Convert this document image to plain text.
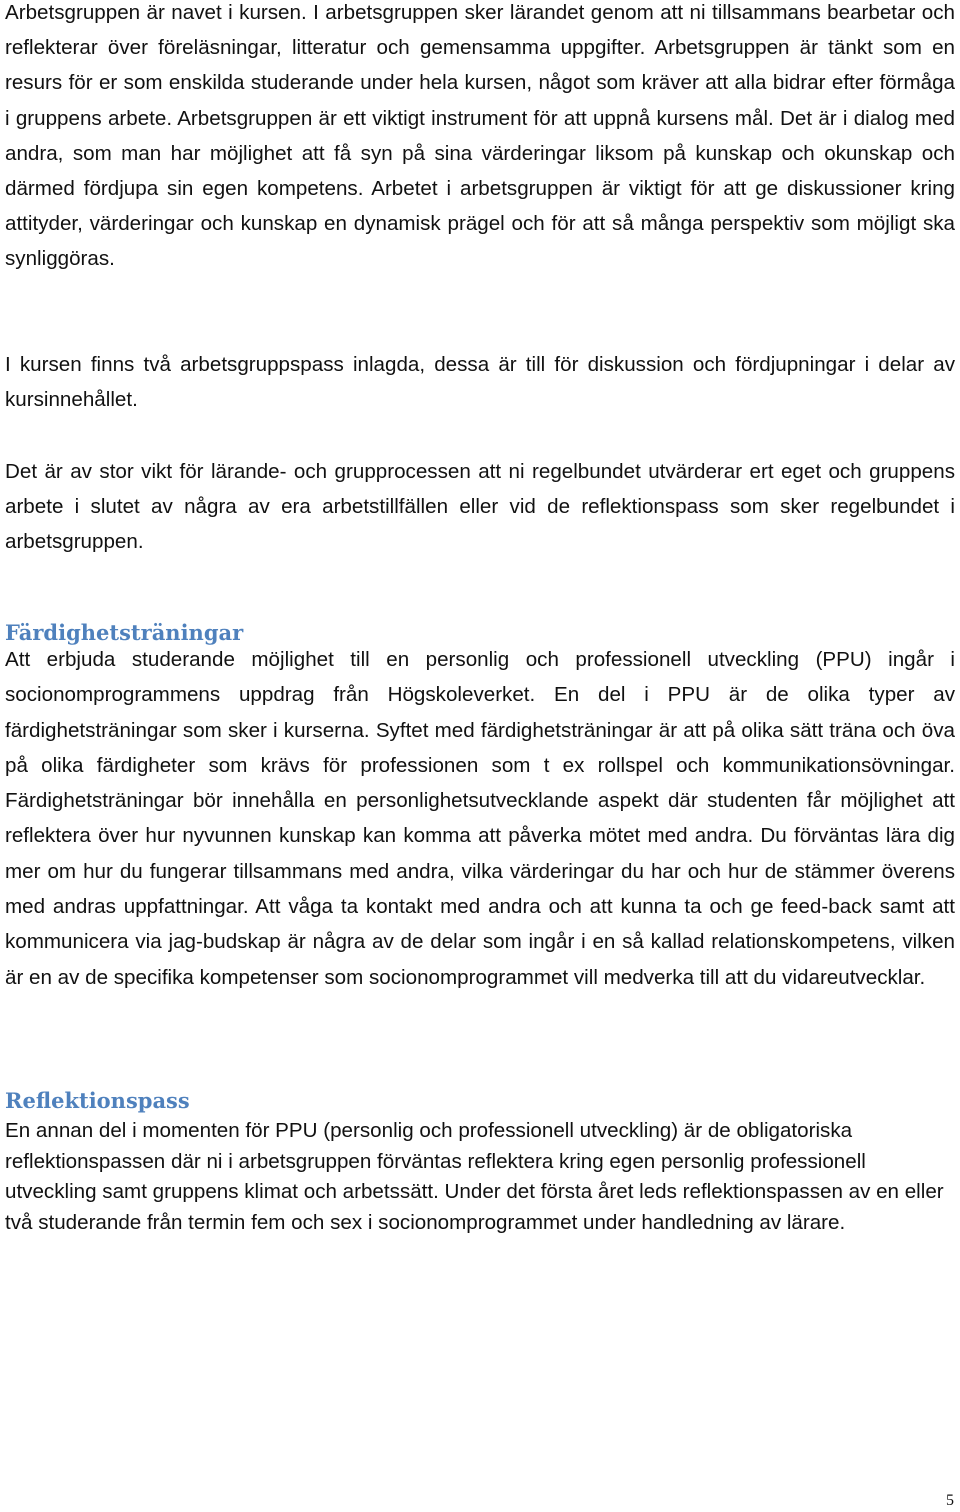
Arbetsgruppen är navet i kursen. I arbetsgruppen sker lärandet genom att ni tillsammans bearbetar och reflekterar över föreläsningar, litteratur och gemensamma uppgifter. Arbetsgruppen är tänkt som en resurs för er som enskilda studerande under hela kursen, något som kräver att alla bidrar efter förmåga i gruppens arbete. Arbetsgruppen är ett viktigt instrument för att uppnå kursens mål. Det är i dialog med andra, som man har möjlighet att få syn på sina värderingar liksom på kunskap och okunskap och därmed fördjupa sin egen kompetens. Arbetet i arbetsgruppen är viktigt för att ge diskussioner kring attityder, värderingar och kunskap en dynamisk prägel och för att så många perspektiv som möjligt ska synliggöras.

I kursen finns två arbetsgruppspass inlagda, dessa är till för diskussion och fördjupningar i delar av kursinnehållet.

Det är av stor vikt för lärande- och grupprocessen att ni regelbundet utvärderar ert eget och gruppens arbete i slutet av några av era arbetstillfällen eller vid de reflektionspass som sker regelbundet i arbetsgruppen.

Färdighetsträningar

Att erbjuda studerande möjlighet till en personlig och professionell utveckling (PPU) ingår i socionomprogrammens uppdrag från Högskoleverket. En del i PPU är de olika typer av färdighetsträningar som sker i kurserna. Syftet med färdighetsträningar är att på olika sätt träna och öva på olika färdigheter som krävs för professionen som t ex rollspel och kommunikationsövningar. Färdighetsträningar bör innehålla en personlighetsutvecklande aspekt där studenten får möjlighet att reflektera över hur nyvunnen kunskap kan komma att påverka mötet med andra. Du förväntas lära dig mer om hur du fungerar tillsammans med andra, vilka värderingar du har och hur de stämmer överens med andras uppfattningar. Att våga ta kontakt med andra och att kunna ta och ge feed-back samt att kommunicera via jag-budskap är några av de delar som ingår i en så kallad relationskompetens, vilken är en av de specifika kompetenser som socionomprogrammet vill medverka till att du vidareutvecklar.

Reflektionspass

En annan del i momenten för PPU (personlig och professionell utveckling) är de obligatoriska reflektionspassen där ni i arbetsgruppen förväntas reflektera kring egen personlig professionell utveckling samt gruppens klimat och arbetssätt. Under det första året leds reflektionspassen av en eller två studerande från termin fem och sex i socionomprogrammet under handledning av lärare.

5
